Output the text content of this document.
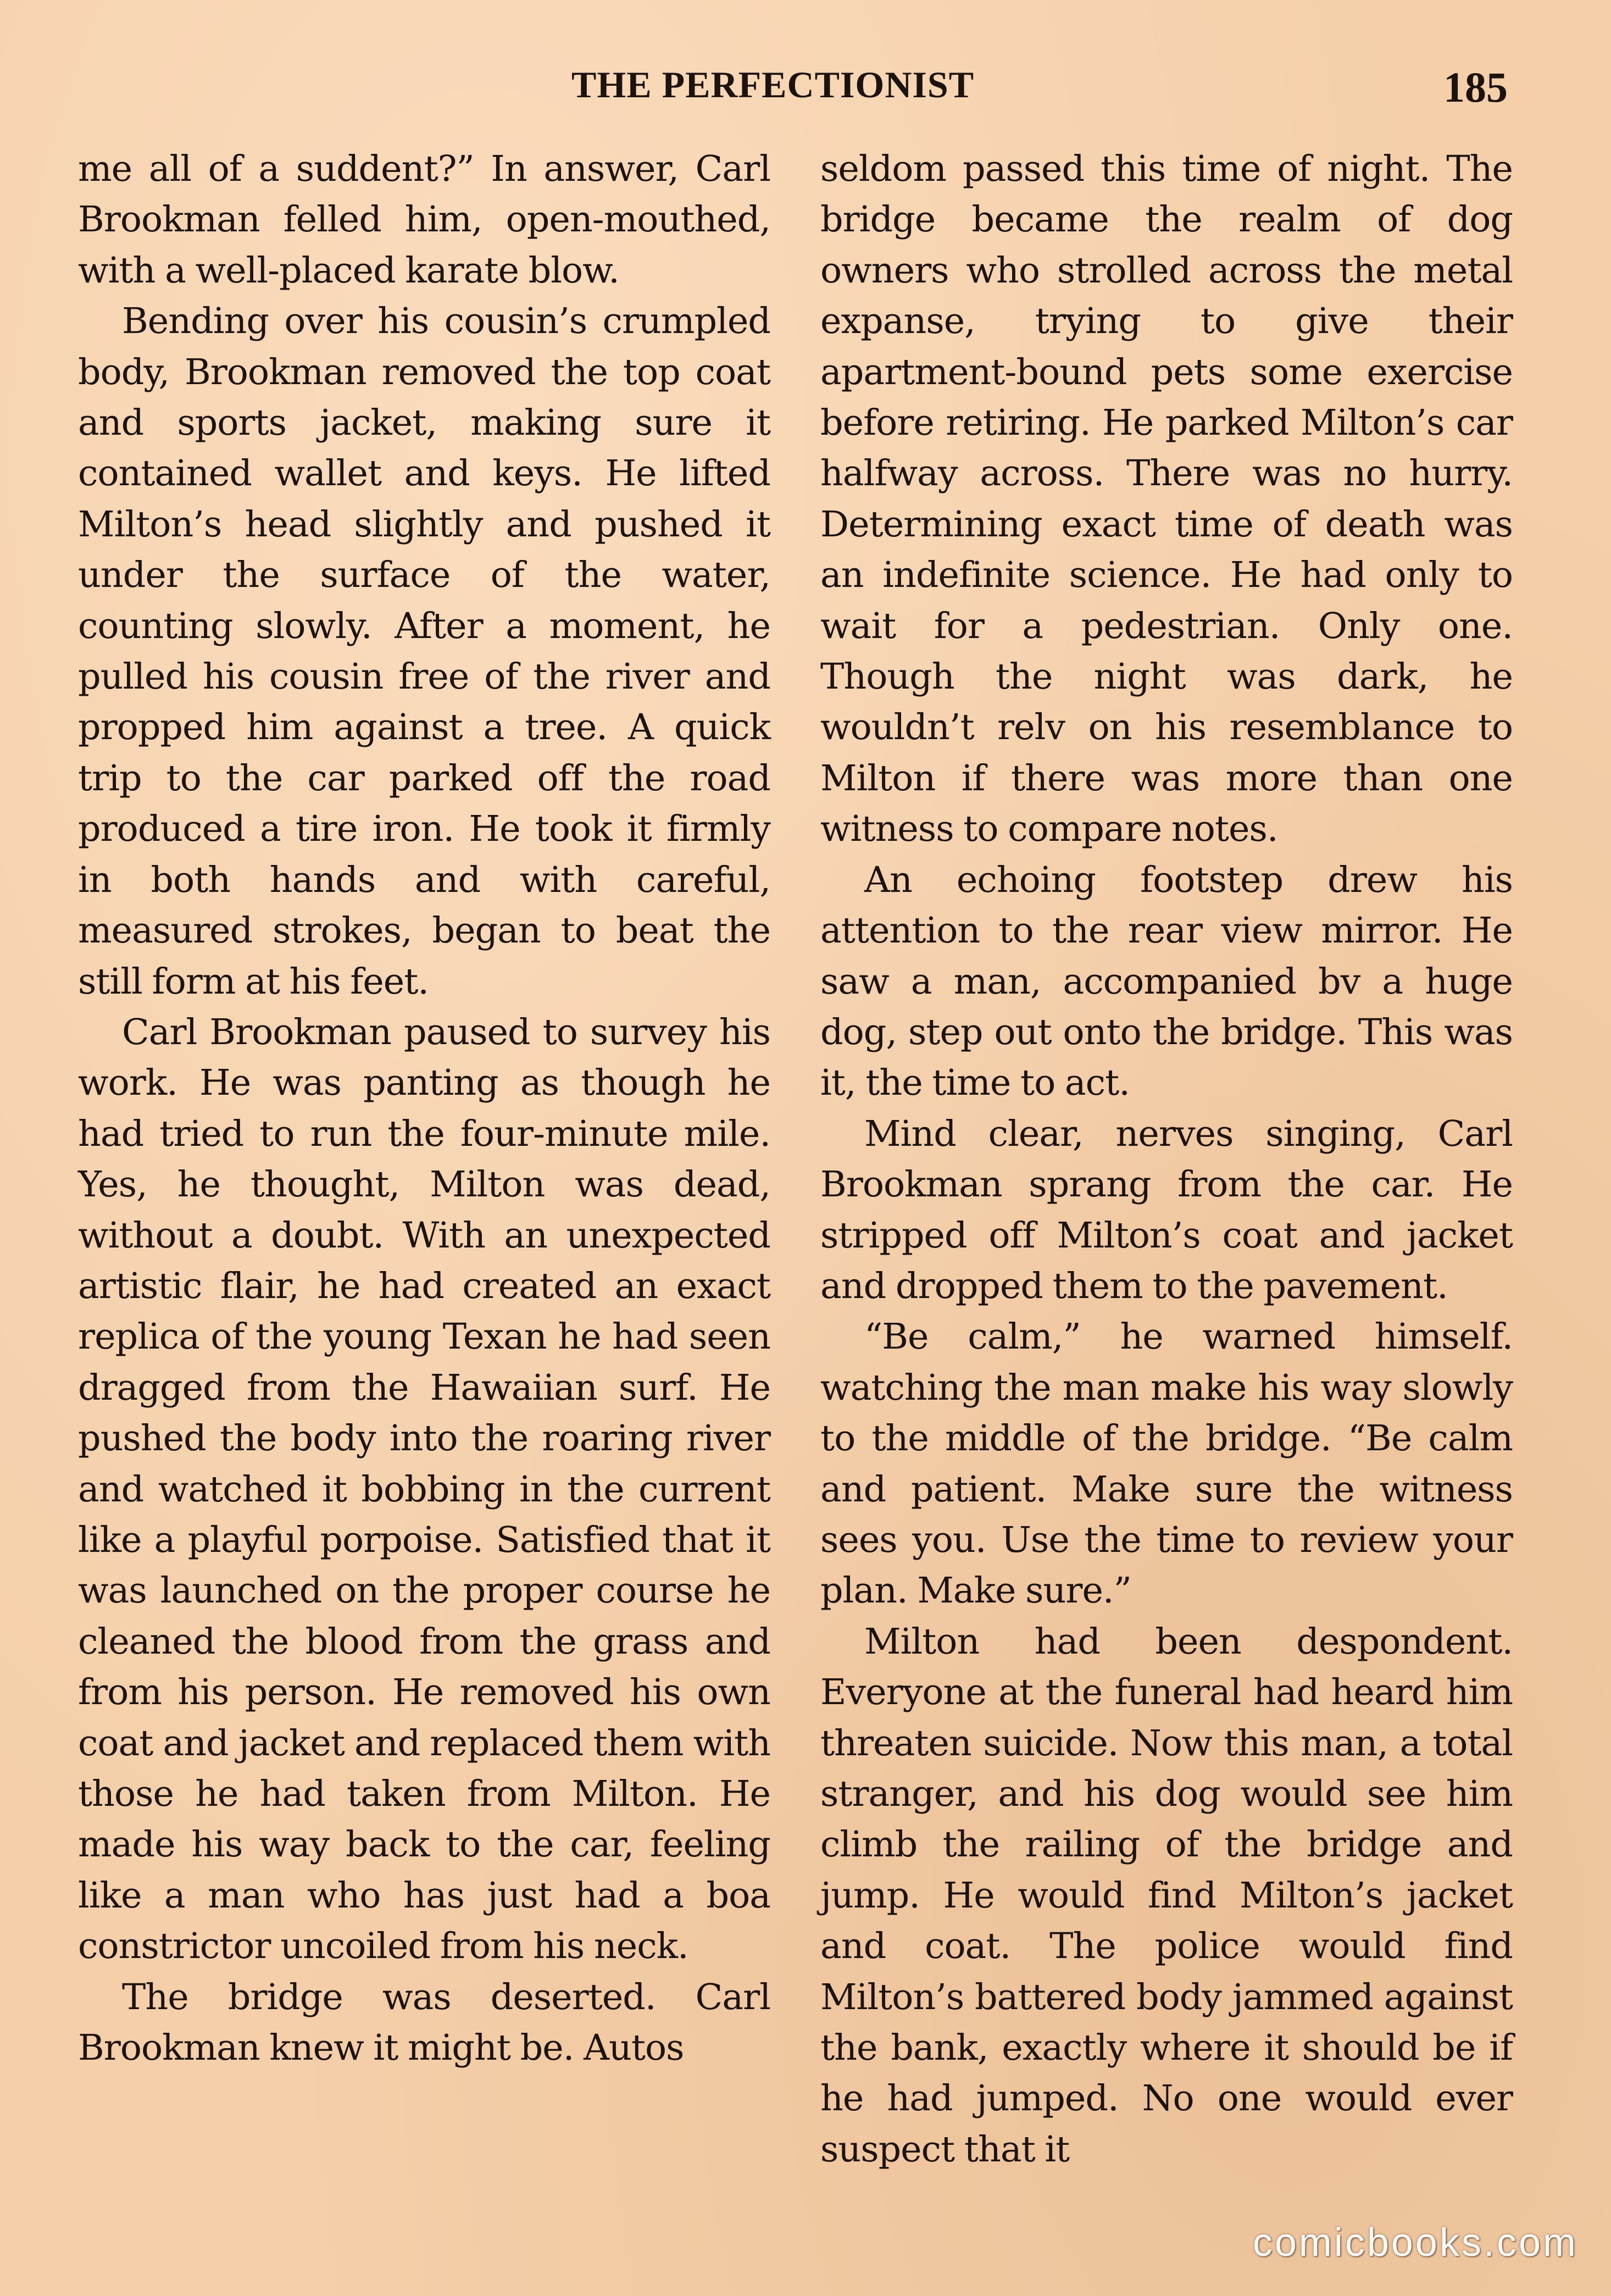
THE PERFECTIONIST	185

me all of a suddent?” In answer, Carl Brookman felled him, open-mouthed, with a well-placed karate blow.

Bending over his cousin’s crumpled body, Brookman removed the top coat and sports jacket, making sure it contained wallet and keys. He lifted Milton’s head slightly and pushed it under the surface of the water, counting slowly. After a moment, he pulled his cousin free of the river and propped him against a tree. A quick trip to the car parked off the road produced a tire iron. He took it firmly in both hands and with careful, measured strokes, began to beat the still form at his feet.

Carl Brookman paused to survey his work. He was panting as though he had tried to run the four-minute mile. Yes, he thought, Milton was dead, without a doubt. With an unexpected artistic flair, he had created an exact replica of the young Texan he had seen dragged from the Hawaiian surf. He pushed the body into the roaring river and watched it bobbing in the current like a playful porpoise. Satisfied that it was launched on the proper course he cleaned the blood from the grass and from his person. He removed his own coat and jacket and replaced them with those he had taken from Milton. He made his way back to the car, feeling like a man who has just had a boa constrictor uncoiled from his neck.

The bridge was deserted. Carl Brookman knew it might be. Autos

seldom passed this time of night. The bridge became the realm of dog owners who strolled across the metal expanse, trying to give their apartment-bound pets some exercise before retiring. He parked Milton’s car halfway across. There was no hurry. Determining exact time of death was an indefinite science. He had only to wait for a pedestrian. Only one. Though the night was dark, he wouldn’t relv on his resemblance to Milton if there was more than one witness to compare notes.

An echoing footstep drew his attention to the rear view mirror. He saw a man, accompanied bv a huge dog, step out onto the bridge. This was it, the time to act.

Mind clear, nerves singing, Carl Brookman sprang from the car. He stripped off Milton’s coat and jacket and dropped them to the pavement.

“Be calm,” he warned himself. watching the man make his way slowly to the middle of the bridge. “Be calm and patient. Make sure the witness sees you. Use the time to review your plan. Make sure.”

Milton had been despondent. Everyone at the funeral had heard him threaten suicide. Now this man, a total stranger, and his dog would see him climb the railing of the bridge and jump. He would find Milton’s jacket and coat. The police would find Milton’s battered body jammed against the bank, exactly where it should be if he had jumped. No one would ever suspect that it

comicbooks.com
